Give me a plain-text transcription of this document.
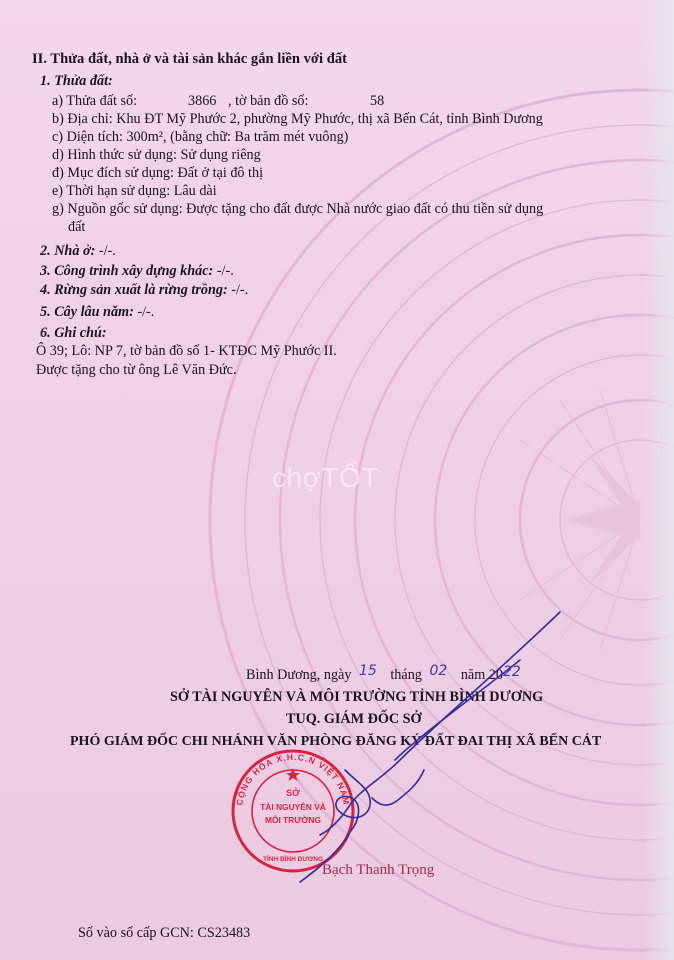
II. Thửa đất, nhà ở và tài sản khác gắn liền với đất
1. Thửa đất:
a) Thửa đất số:	3866 , tờ bản đồ số:	58
b) Địa chỉ: Khu ĐT Mỹ Phước 2, phường Mỹ Phước, thị xã Bến Cát, tỉnh Bình Dương
c) Diện tích: 300m², (bằng chữ: Ba trăm mét vuông)
d) Hình thức sử dụng: Sử dụng riêng
đ) Mục đích sử dụng: Đất ở tại đô thị
e) Thời hạn sử dụng: Lâu dài
g) Nguồn gốc sử dụng: Được tặng cho đất được Nhà nước giao đất có thu tiền sử dụng
đất
2. Nhà ở: -/-.
3. Công trình xây dựng khác: -/-.
4. Rừng sản xuất là rừng trồng: -/-.
5. Cây lâu năm: -/-.
6. Ghi chú:
Ô 39; Lô: NP 7, tờ bản đồ số 1- KTĐC Mỹ Phước II.
Được tặng cho từ ông Lê Văn Đức.
chợTỐT
Bình Dương, ngày 15 tháng 02 năm 2022
SỞ TÀI NGUYÊN VÀ MÔI TRƯỜNG TỈNH BÌNH DƯƠNG
TUQ. GIÁM ĐỐC SỞ
PHÓ GIÁM ĐỐC CHI NHÁNH VĂN PHÒNG ĐĂNG KÝ ĐẤT ĐAI THỊ XÃ BẾN CÁT
CỘNG HÒA X.H.C.N VIỆT NAM
SỞ
TÀI NGUYÊN VÀ
MÔI TRƯỜNG
TỈNH BÌNH DƯƠNG
Bạch Thanh Trọng
Số vào sổ cấp GCN: CS23483
